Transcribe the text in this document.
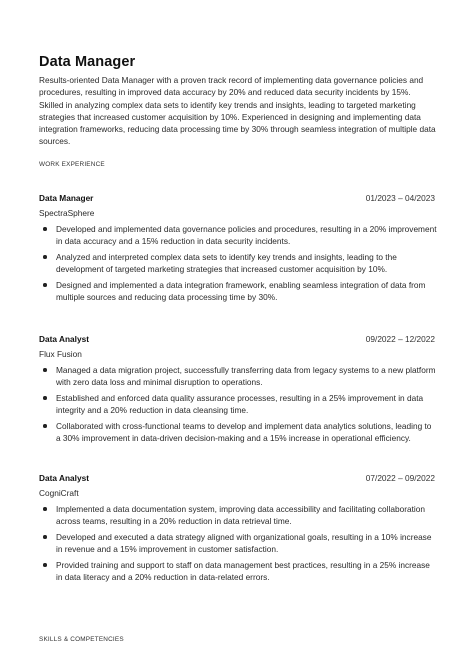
Data Manager

Results-oriented Data Manager with a proven track record of implementing data governance policies and procedures, resulting in improved data accuracy by 20% and reduced data security incidents by 15%. Skilled in analyzing complex data sets to identify key trends and insights, leading to targeted marketing strategies that increased customer acquisition by 10%. Experienced in designing and implementing data integration frameworks, reducing data processing time by 30% through seamless integration of multiple data sources.

WORK EXPERIENCE
Data Manager	01/2023 – 04/2023
SpectraSphere
Developed and implemented data governance policies and procedures, resulting in a 20% improvement in data accuracy and a 15% reduction in data security incidents.
Analyzed and interpreted complex data sets to identify key trends and insights, leading to the development of targeted marketing strategies that increased customer acquisition by 10%.
Designed and implemented a data integration framework, enabling seamless integration of data from multiple sources and reducing data processing time by 30%.
Data Analyst	09/2022 – 12/2022
Flux Fusion
Managed a data migration project, successfully transferring data from legacy systems to a new platform with zero data loss and minimal disruption to operations.
Established and enforced data quality assurance processes, resulting in a 25% improvement in data integrity and a 20% reduction in data cleansing time.
Collaborated with cross-functional teams to develop and implement data analytics solutions, leading to a 30% improvement in data-driven decision-making and a 15% increase in operational efficiency.
Data Analyst	07/2022 – 09/2022
CogniCraft
Implemented a data documentation system, improving data accessibility and facilitating collaboration across teams, resulting in a 20% reduction in data retrieval time.
Developed and executed a data strategy aligned with organizational goals, resulting in a 10% increase in revenue and a 15% improvement in customer satisfaction.
Provided training and support to staff on data management best practices, resulting in a 25% increase in data literacy and a 20% reduction in data-related errors.
SKILLS & COMPETENCIES
